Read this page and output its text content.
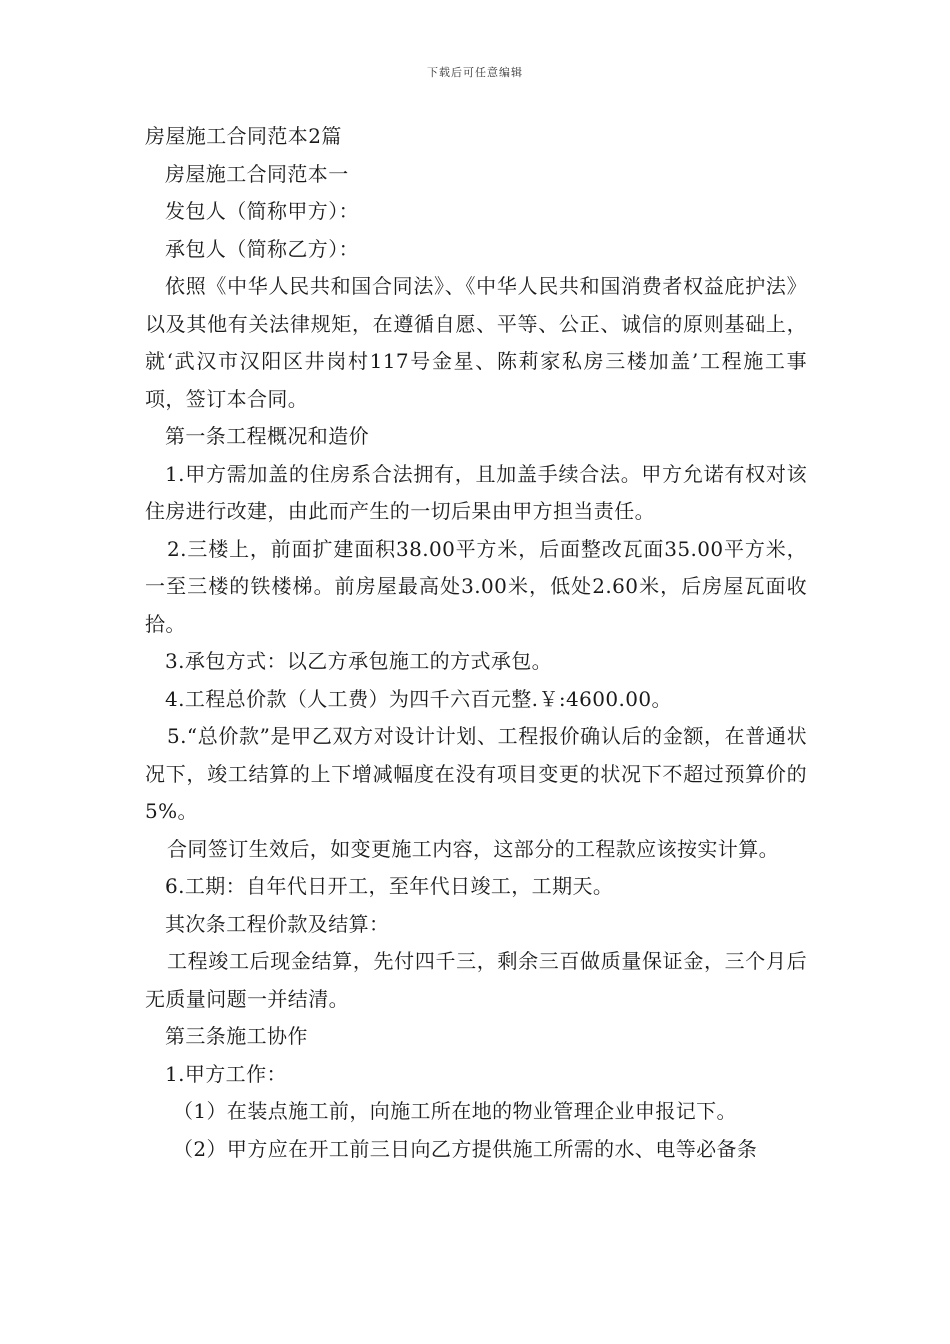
下载后可任意编辑

房屋施工合同范本2篇

房屋施工合同范本一

发包人（简称甲方）：

承包人（简称乙方）：

依照《中华人民共和国合同法》、《中华人民共和国消费者权益庇护法》以及其他有关法律规矩，在遵循自愿、平等、公正、诚信的原则基础上，就‘武汉市汉阳区井岗村117号金星、陈莉家私房三楼加盖’工程施工事项，签订本合同。

第一条工程概况和造价

1.甲方需加盖的住房系合法拥有，且加盖手续合法。甲方允诺有权对该住房进行改建，由此而产生的一切后果由甲方担当责任。

2.三楼上，前面扩建面积38.00平方米，后面整改瓦面35.00平方米，一至三楼的铁楼梯。前房屋最高处3.00米，低处2.60米，后房屋瓦面收拾。

3.承包方式：以乙方承包施工的方式承包。

4.工程总价款（人工费）为四千六百元整.￥:4600.00。

5.“总价款”是甲乙双方对设计计划、工程报价确认后的金额，在普通状况下，竣工结算的上下增减幅度在没有项目变更的状况下不超过预算价的5%。

合同签订生效后，如变更施工内容，这部分的工程款应该按实计算。

6.工期：自年代日开工，至年代日竣工，工期天。

其次条工程价款及结算：

工程竣工后现金结算，先付四千三，剩余三百做质量保证金，三个月后无质量问题一并结清。

第三条施工协作

1.甲方工作：

（1）在装点施工前，向施工所在地的物业管理企业申报记下。

（2）甲方应在开工前三日向乙方提供施工所需的水、电等必备条
